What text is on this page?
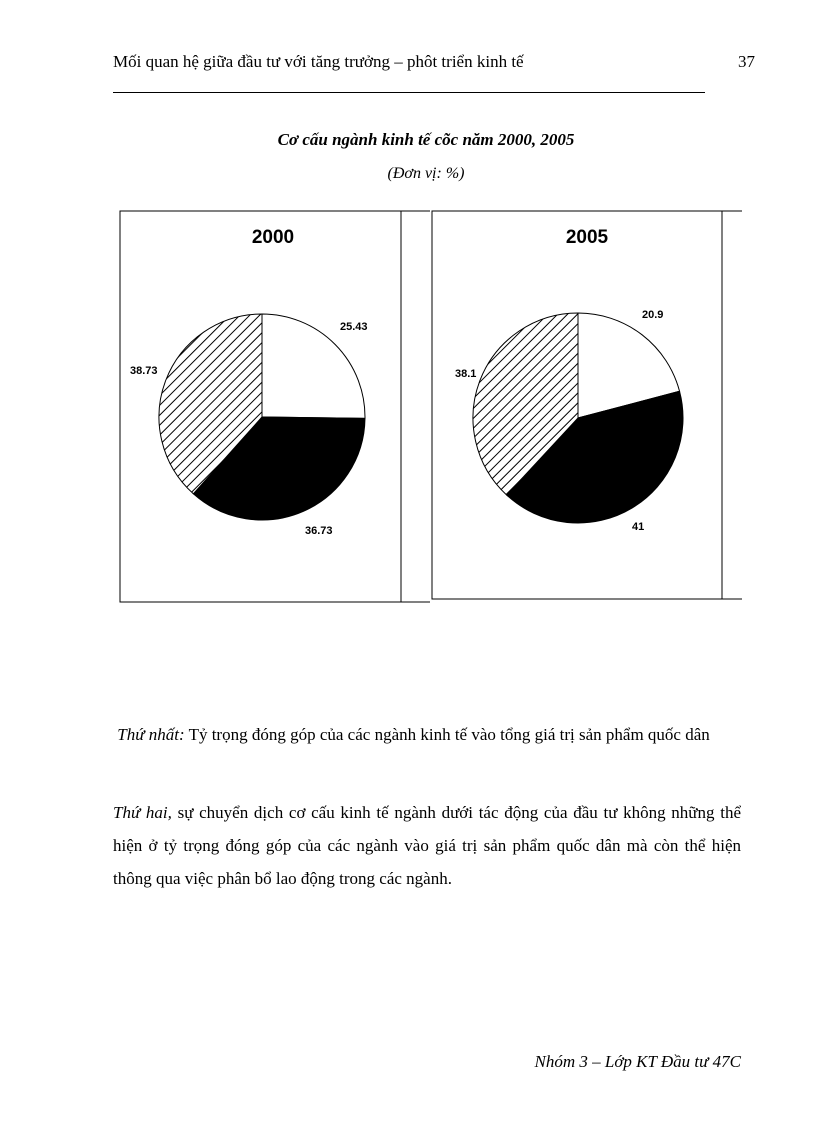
Mối quan hệ giữa đầu tư với tăng trưởng – phôt triển kinh tế	37
Cơ cấu ngành kinh tế cõc năm 2000, 2005
(Đơn vị: %)
2000
25.43
36.73
38.73
2005
20.9
41
38.1
Thứ nhất: Tỷ trọng đóng góp của các ngành kinh tế vào tổng giá trị sản phẩm quốc dân
Thứ hai, sự chuyển dịch cơ cấu kinh tế ngành dưới tác động của đầu tư không những thể hiện ở tỷ trọng đóng góp của các ngành vào giá trị sản phẩm quốc dân mà còn thể hiện thông qua việc phân bổ lao động trong các ngành.
Nhóm 3 – Lớp KT Đầu tư 47C
